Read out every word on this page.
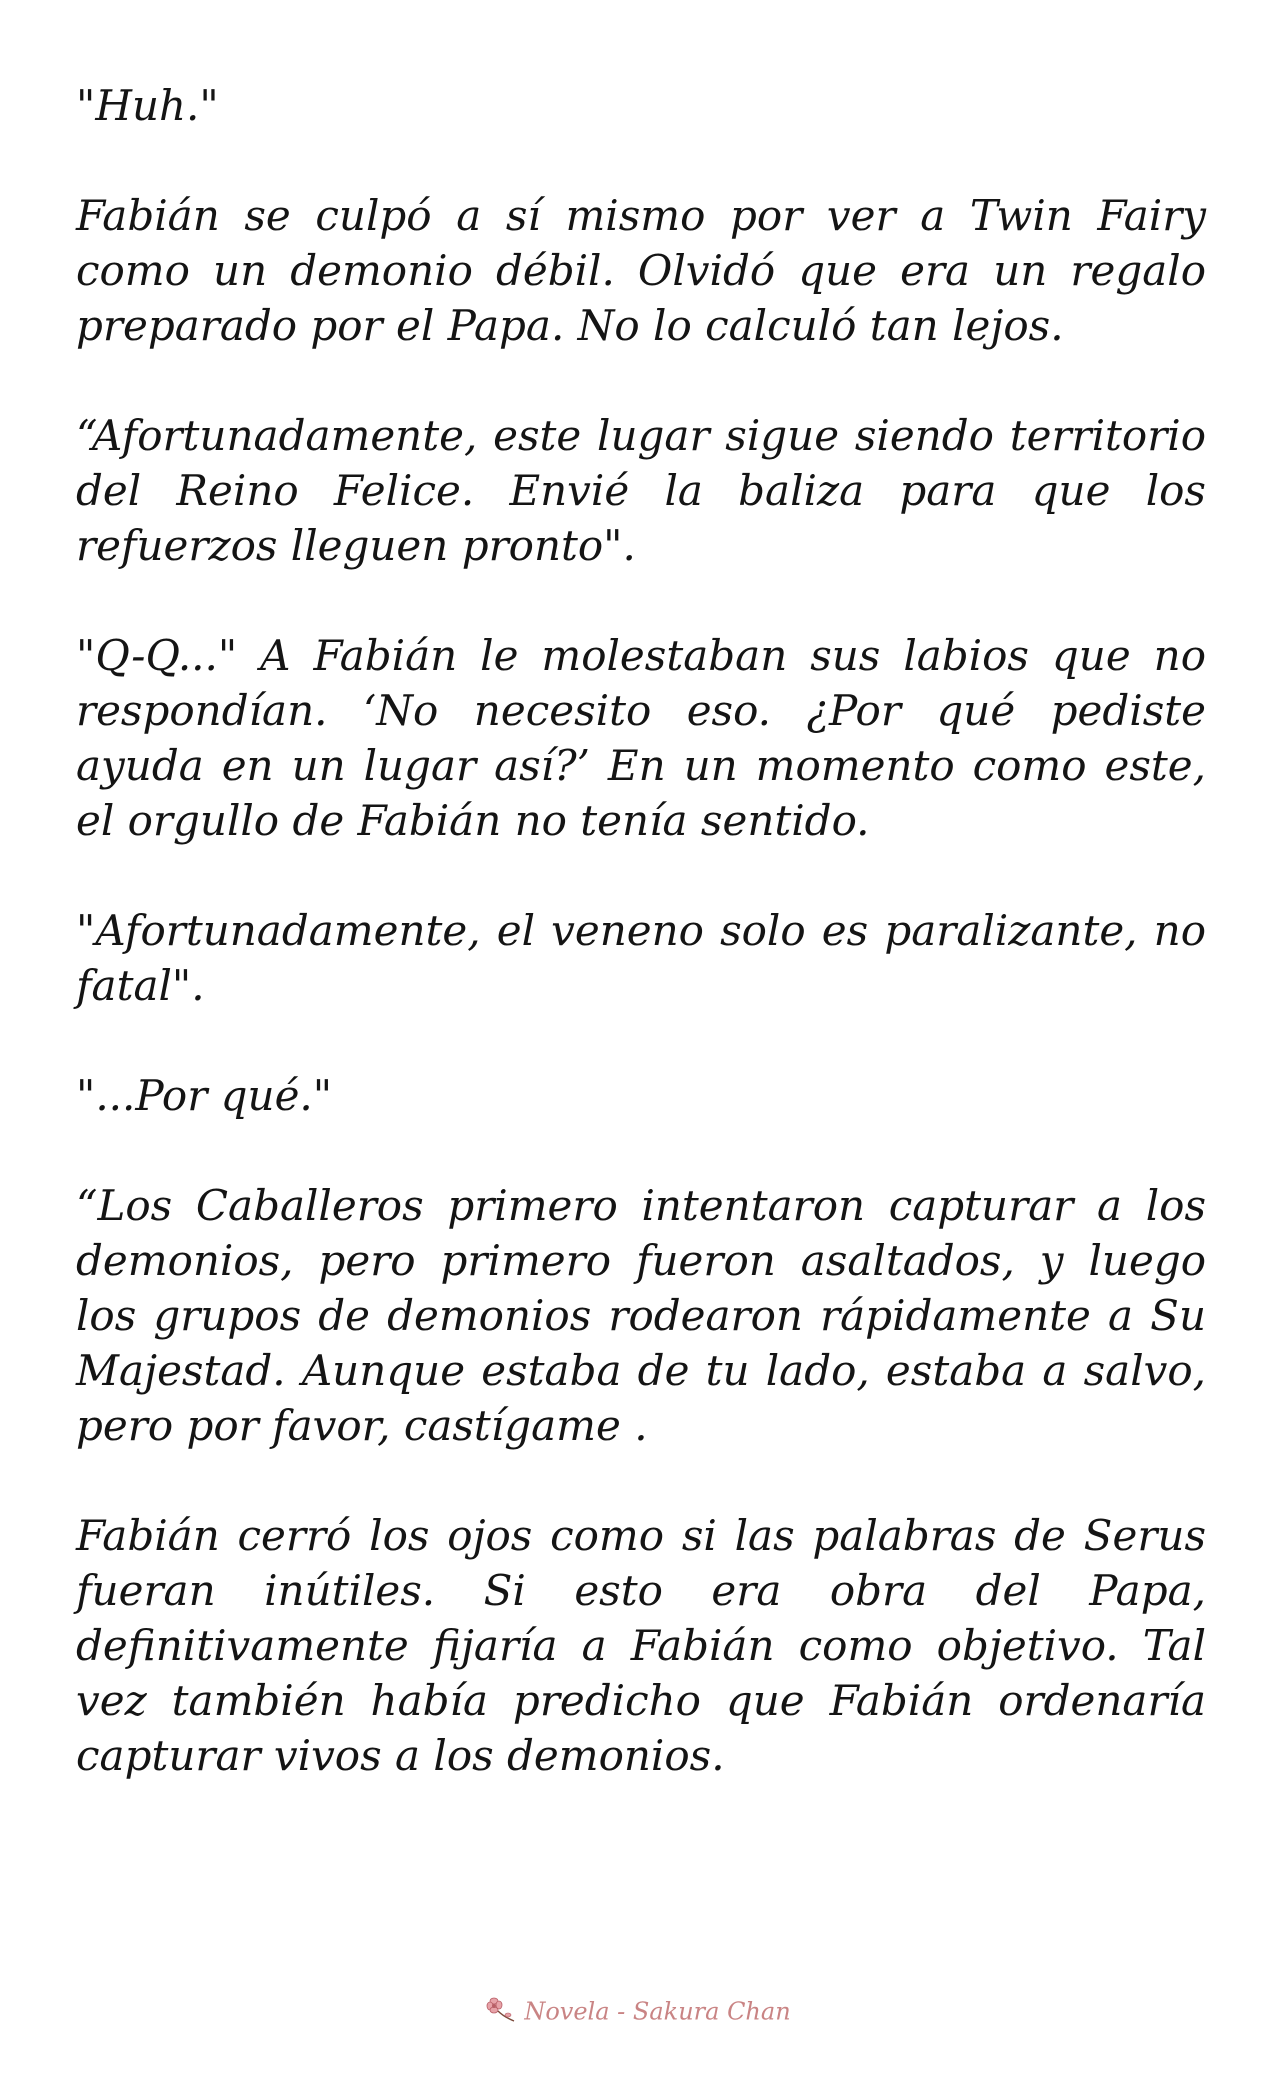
"Huh."

Fabián se culpó a sí mismo por ver a Twin Fairy como un demonio débil. Olvidó que era un regalo preparado por el Papa. No lo calculó tan lejos.

“Afortunadamente, este lugar sigue siendo territorio del Reino Felice. Envié la baliza para que los refuerzos lleguen pronto".

"Q-Q..." A Fabián le molestaban sus labios que no respondían. ‘No necesito eso. ¿Por qué pediste ayuda en un lugar así?’ En un momento como este, el orgullo de Fabián no tenía sentido.

"Afortunadamente, el veneno solo es paralizante, no fatal".

"...Por qué."

“Los Caballeros primero intentaron capturar a los demonios, pero primero fueron asaltados, y luego los grupos de demonios rodearon rápidamente a Su Majestad. Aunque estaba de tu lado, estaba a salvo, pero por favor, castígame .

Fabián cerró los ojos como si las palabras de Serus fueran inútiles. Si esto era obra del Papa, definitivamente fijaría a Fabián como objetivo. Tal vez también había predicho que Fabián ordenaría capturar vivos a los demonios.

Novela - Sakura Chan
